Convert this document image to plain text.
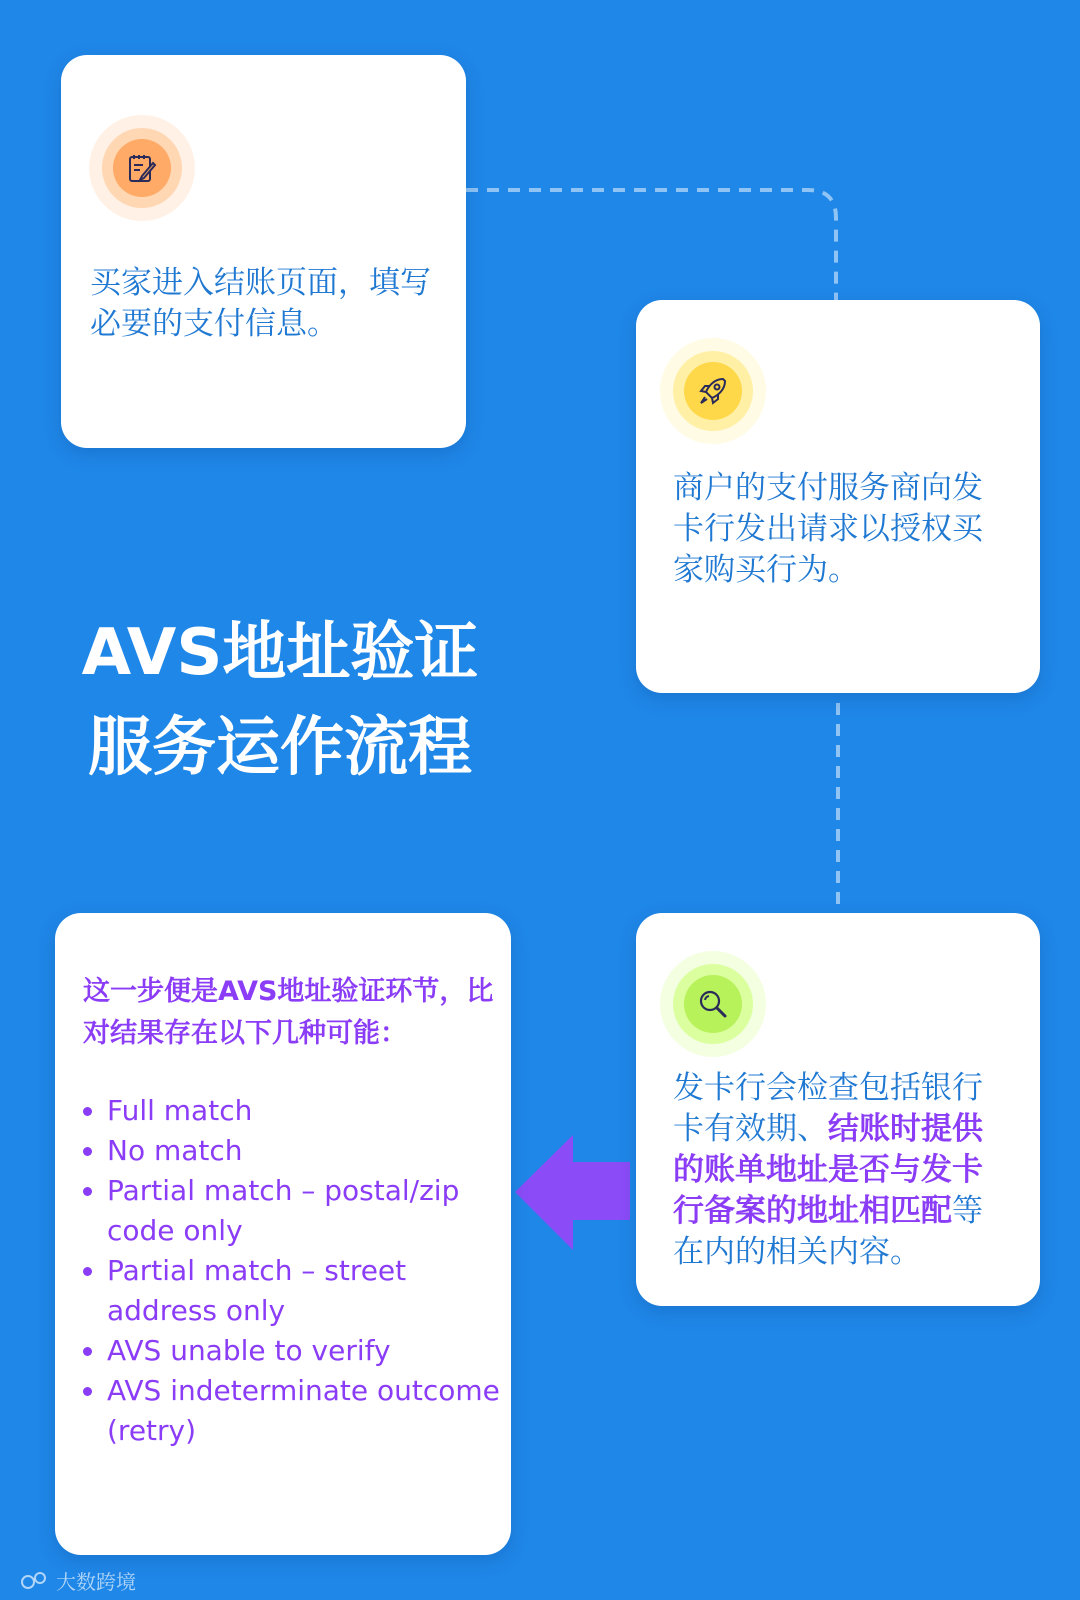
买家进入结账页面，填写必要的支付信息。
商户的支付服务商向发卡行发出请求以授权买家购买行为。
发卡行会检查包括银行卡有效期、结账时提供的账单地址是否与发卡行备案的地址相匹配等在内的相关内容。
AVS地址验证
服务运作流程
这一步便是AVS地址验证环节，比对结果存在以下几种可能：
• Full match
• No match
• Partial match – postal/zip code only
• Partial match – street address only
• AVS unable to verify
• AVS indeterminate outcome (retry)
大数跨境
